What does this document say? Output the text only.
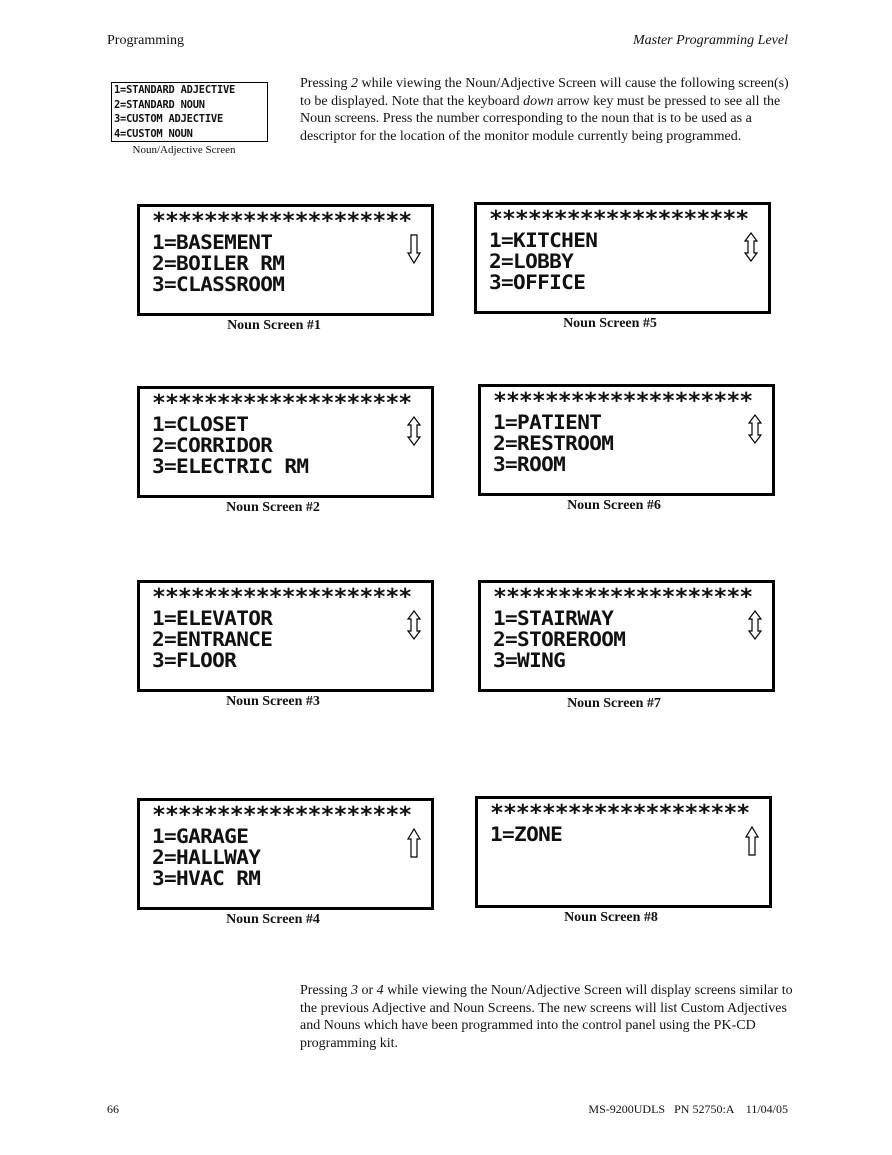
Programming	Master Programming Level
1=STANDARD ADJECTIVE
2=STANDARD NOUN
3=CUSTOM ADJECTIVE
4=CUSTOM NOUN
Noun/Adjective Screen
Pressing 2 while viewing the Noun/Adjective Screen will cause the following screen(s) to be displayed. Note that the keyboard down arrow key must be pressed to see all the Noun screens. Press the number corresponding to the noun that is to be used as a descriptor for the location of the monitor module currently being programmed.
********************
1=BASEMENT
2=BOILER RM
3=CLASSROOM
Noun Screen #1
********************
1=CLOSET
2=CORRIDOR
3=ELECTRIC RM
Noun Screen #2
********************
1=ELEVATOR
2=ENTRANCE
3=FLOOR
Noun Screen #3
********************
1=GARAGE
2=HALLWAY
3=HVAC RM
Noun Screen #4
********************
1=KITCHEN
2=LOBBY
3=OFFICE
Noun Screen #5
********************
1=PATIENT
2=RESTROOM
3=ROOM
Noun Screen #6
********************
1=STAIRWAY
2=STOREROOM
3=WING
Noun Screen #7
********************
1=ZONE
Noun Screen #8
Pressing 3 or 4 while viewing the Noun/Adjective Screen will display screens similar to the previous Adjective and Noun Screens. The new screens will list Custom Adjectives and Nouns which have been programmed into the control panel using the PK-CD programming kit.
66	MS-9200UDLS   PN 52750:A    11/04/05
